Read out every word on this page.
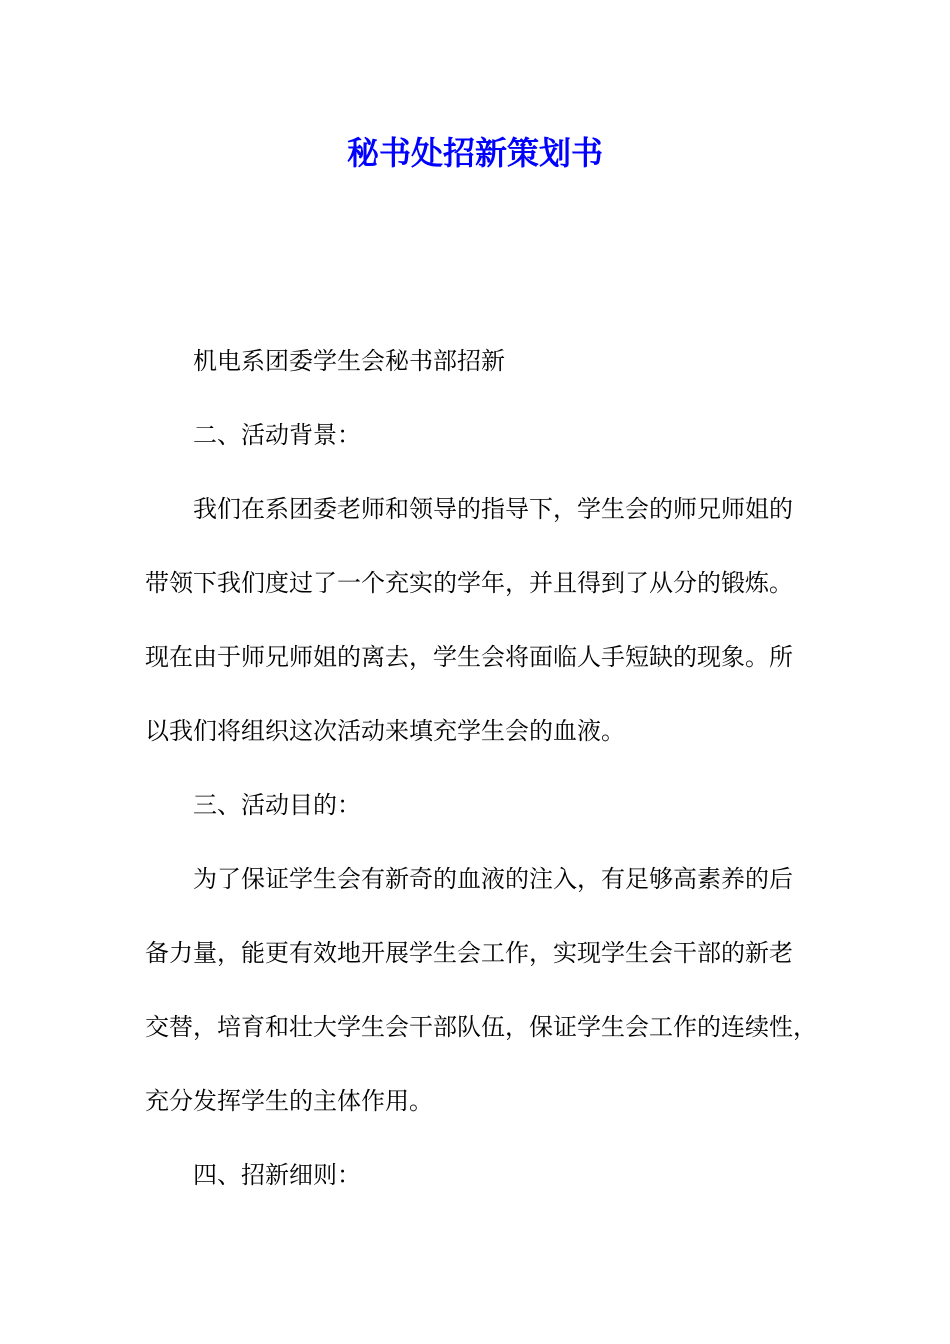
秘书处招新策划书

机电系团委学生会秘书部招新

二、活动背景：

我们在系团委老师和领导的指导下，学生会的师兄师姐的

带领下我们度过了一个充实的学年，并且得到了从分的锻炼。

现在由于师兄师姐的离去，学生会将面临人手短缺的现象。所

以我们将组织这次活动来填充学生会的血液。

三、活动目的：

为了保证学生会有新奇的血液的注入，有足够高素养的后

备力量，能更有效地开展学生会工作，实现学生会干部的新老

交替，培育和壮大学生会干部队伍，保证学生会工作的连续性，

充分发挥学生的主体作用。

四、招新细则：
